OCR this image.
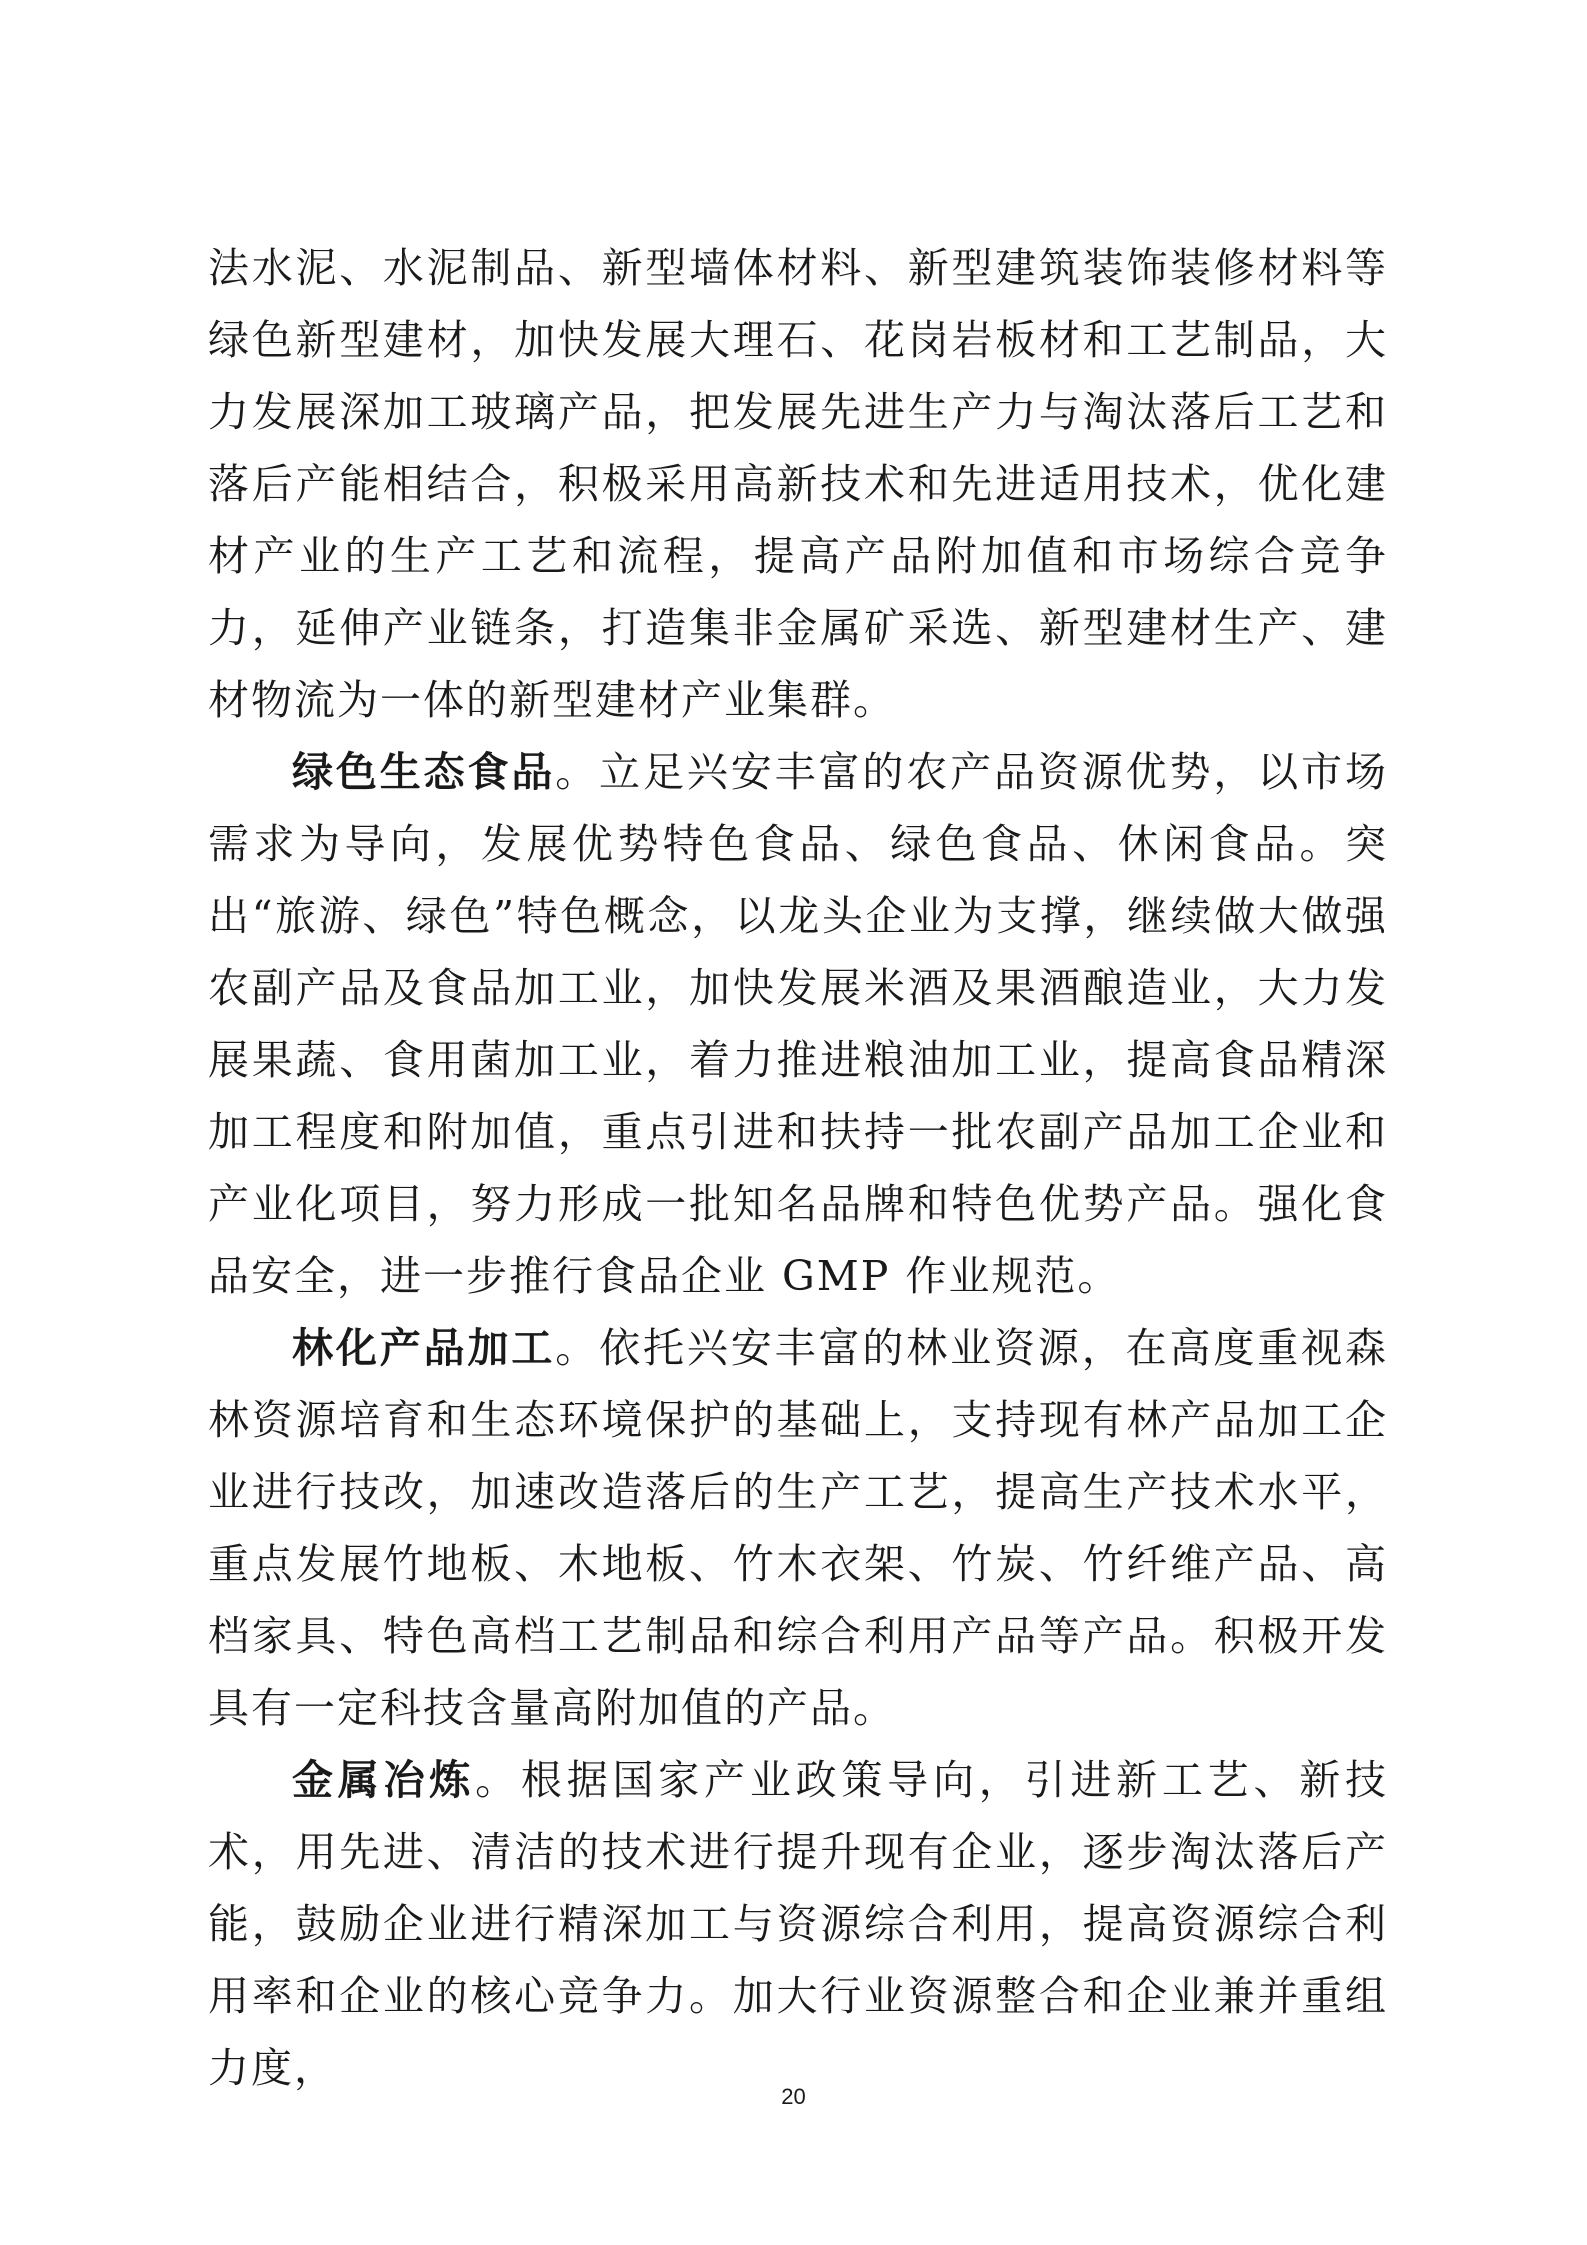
法水泥、水泥制品、新型墙体材料、新型建筑装饰装修材料等绿色新型建材，加快发展大理石、花岗岩板材和工艺制品，大力发展深加工玻璃产品，把发展先进生产力与淘汰落后工艺和落后产能相结合，积极采用高新技术和先进适用技术，优化建材产业的生产工艺和流程，提高产品附加值和市场综合竞争力，延伸产业链条，打造集非金属矿采选、新型建材生产、建材物流为一体的新型建材产业集群。

绿色生态食品。立足兴安丰富的农产品资源优势，以市场需求为导向，发展优势特色食品、绿色食品、休闲食品。突出“旅游、绿色”特色概念，以龙头企业为支撑，继续做大做强农副产品及食品加工业，加快发展米酒及果酒酿造业，大力发展果蔬、食用菌加工业，着力推进粮油加工业，提高食品精深加工程度和附加值，重点引进和扶持一批农副产品加工企业和产业化项目，努力形成一批知名品牌和特色优势产品。强化食品安全，进一步推行食品企业 GMP 作业规范。

林化产品加工。依托兴安丰富的林业资源，在高度重视森林资源培育和生态环境保护的基础上，支持现有林产品加工企业进行技改，加速改造落后的生产工艺，提高生产技术水平，重点发展竹地板、木地板、竹木衣架、竹炭、竹纤维产品、高档家具、特色高档工艺制品和综合利用产品等产品。积极开发具有一定科技含量高附加值的产品。

金属冶炼。根据国家产业政策导向，引进新工艺、新技术，用先进、清洁的技术进行提升现有企业，逐步淘汰落后产能，鼓励企业进行精深加工与资源综合利用，提高资源综合利用率和企业的核心竞争力。加大行业资源整合和企业兼并重组力度，

20
